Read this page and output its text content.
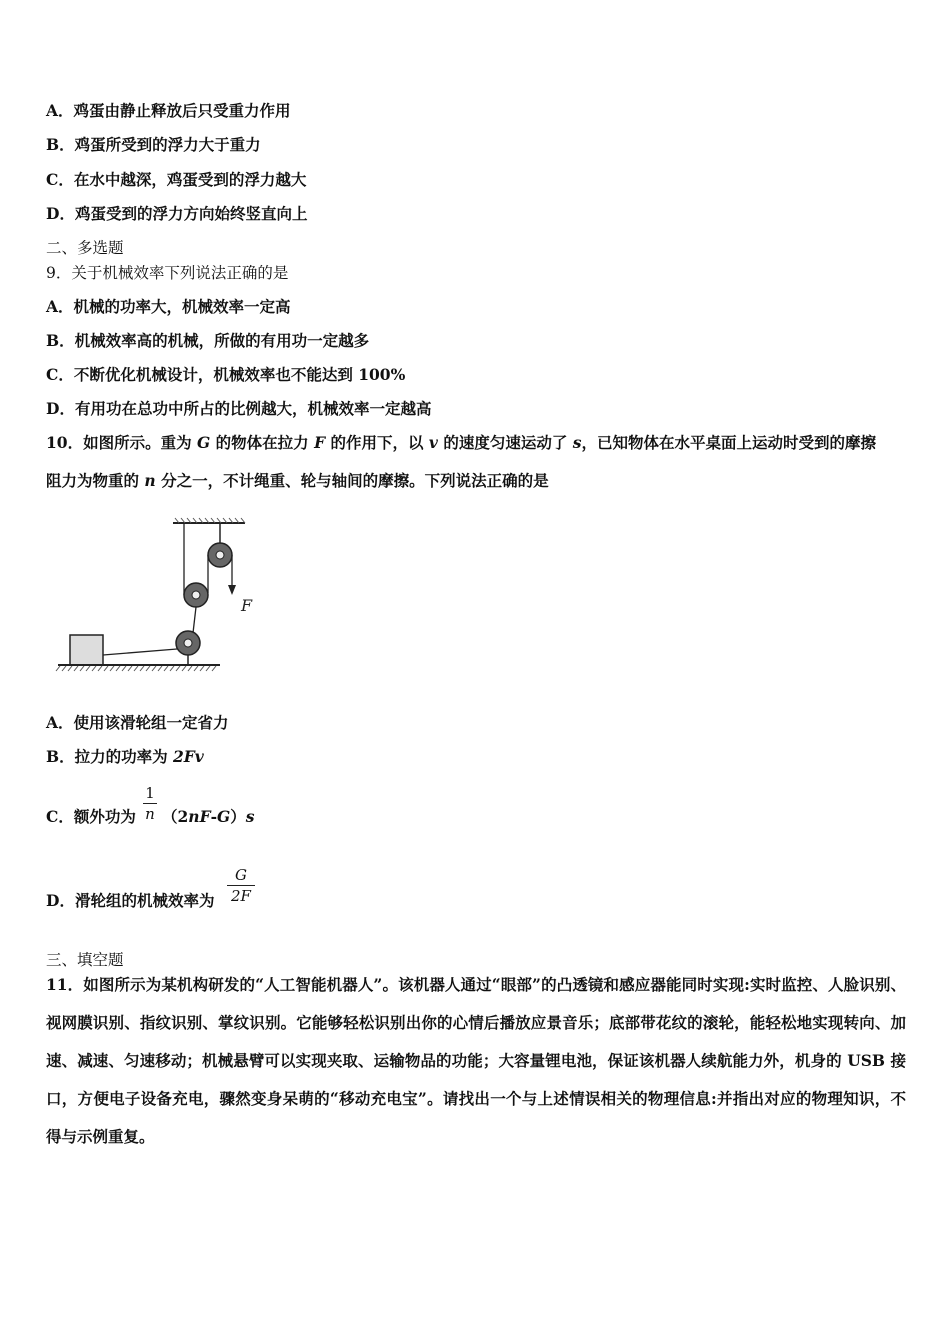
A．鸡蛋由静止释放后只受重力作用
B．鸡蛋所受到的浮力大于重力
C．在水中越深，鸡蛋受到的浮力越大
D．鸡蛋受到的浮力方向始终竖直向上
二、多选题
9．关于机械效率下列说法正确的是
A．机械的功率大，机械效率一定高
B．机械效率高的机械，所做的有用功一定越多
C．不断优化机械设计，机械效率也不能达到 100%
D．有用功在总功中所占的比例越大，机械效率一定越高
10．如图所示。重为 G 的物体在拉力 F 的作用下，以 v 的速度匀速运动了 s，已知物体在水平桌面上运动时受到的摩擦
阻力为物重的 n 分之一，不计绳重、轮与轴间的摩擦。下列说法正确的是
F
A．使用该滑轮组一定省力
B．拉力的功率为 2Fv
C．额外功为
1
n （2nF-G）s
D．滑轮组的机械效率为
G
2F
三、填空题
11．如图所示为某机构研发的“人工智能机器人”。该机器人通过“眼部”的凸透镜和感应器能同时实现:实时监控、人脸识别、视网膜识别、指纹识别、掌纹识别。它能够轻松识别出你的心情后播放应景音乐；底部带花纹的滚轮，能轻松地实现转向、加速、减速、匀速移动；机械悬臂可以实现夹取、运输物品的功能；大容量锂电池，保证该机器人续航能力外，机身的 USB 接口，方便电子设备充电，骤然变身呆萌的“移动充电宝”。请找出一个与上述情误相关的物理信息:并指出对应的物理知识，不得与示例重复。
